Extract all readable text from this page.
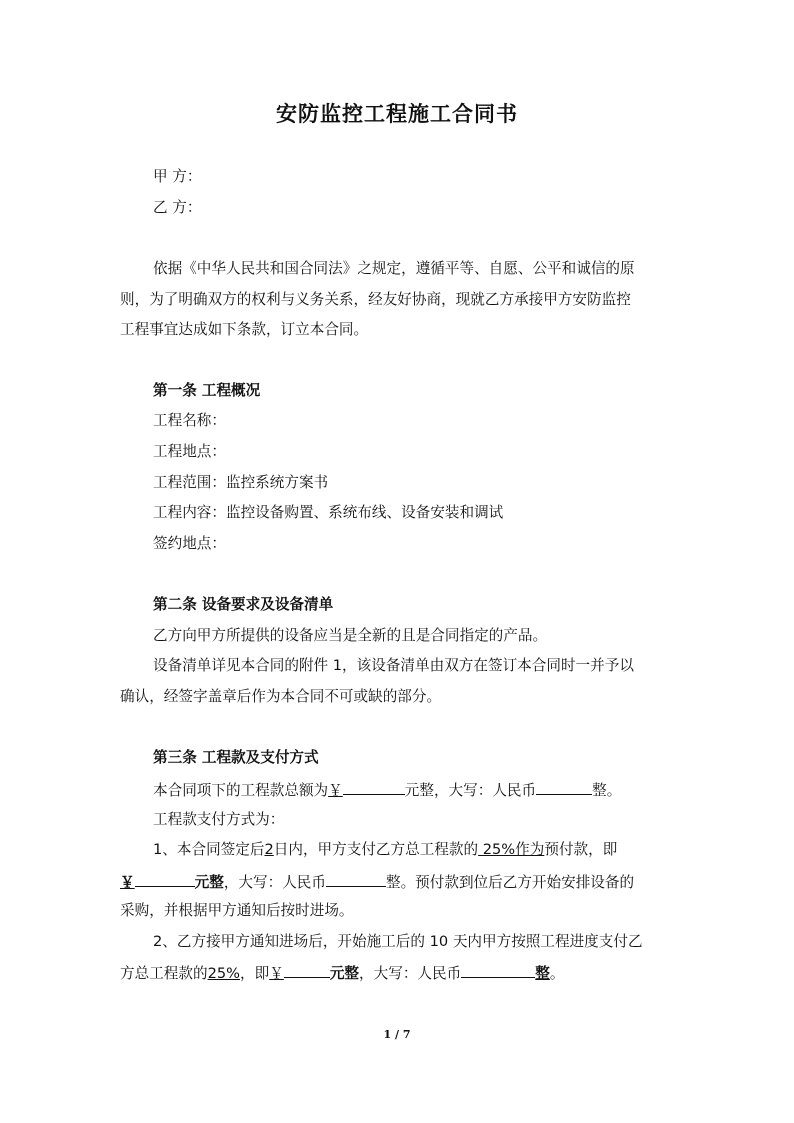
安防监控工程施工合同书
甲 方：
乙 方：
依据《中华人民共和国合同法》之规定，遵循平等、自愿、公平和诚信的原
则，为了明确双方的权利与义务关系，经友好协商，现就乙方承接甲方安防监控
工程事宜达成如下条款，订立本合同。
第一条 工程概况
工程名称：
工程地点：
工程范围：监控系统方案书
工程内容：监控设备购置、系统布线、设备安装和调试
签约地点：
第二条 设备要求及设备清单
乙方向甲方所提供的设备应当是全新的且是合同指定的产品。
设备清单详见本合同的附件 1，该设备清单由双方在签订本合同时一并予以
确认，经签字盖章后作为本合同不可或缺的部分。
第三条 工程款及支付方式
本合同项下的工程款总额为￥	元整，大写：人民币	整。
工程款支付方式为：
1、本合同签定后2日内，甲方支付乙方总工程款的 25%作为预付款，即
￥	元整，大写：人民币	整。预付款到位后乙方开始安排设备的
采购，并根据甲方通知后按时进场。
2、乙方接甲方通知进场后，开始施工后的 10 天内甲方按照工程进度支付乙
方总工程款的25%，即￥	元整，大写：人民币	整。
1 / 7
